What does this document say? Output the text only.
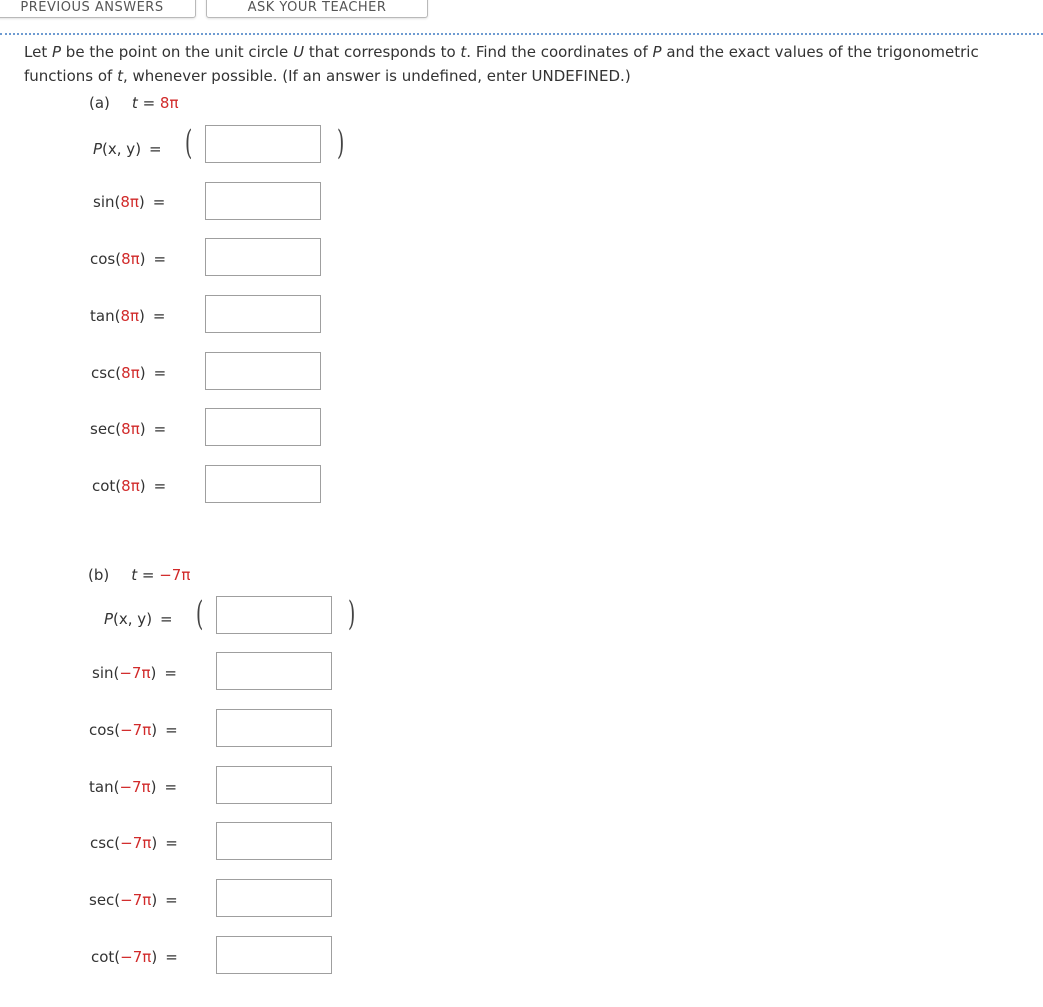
PREVIOUS ANSWERS	ASK YOUR TEACHER
Let P be the point on the unit circle U that corresponds to t. Find the coordinates of P and the exact values of the trigonometric functions of t, whenever possible. (If an answer is undefined, enter UNDEFINED.)
(a) t = 8π
P(x, y) = (	)
sin(8π) =
cos(8π) =
tan(8π) =
csc(8π) =
sec(8π) =
cot(8π) =
(b) t = −7π
P(x, y) = (	)
sin(−7π) =
cos(−7π) =
tan(−7π) =
csc(−7π) =
sec(−7π) =
cot(−7π) =
